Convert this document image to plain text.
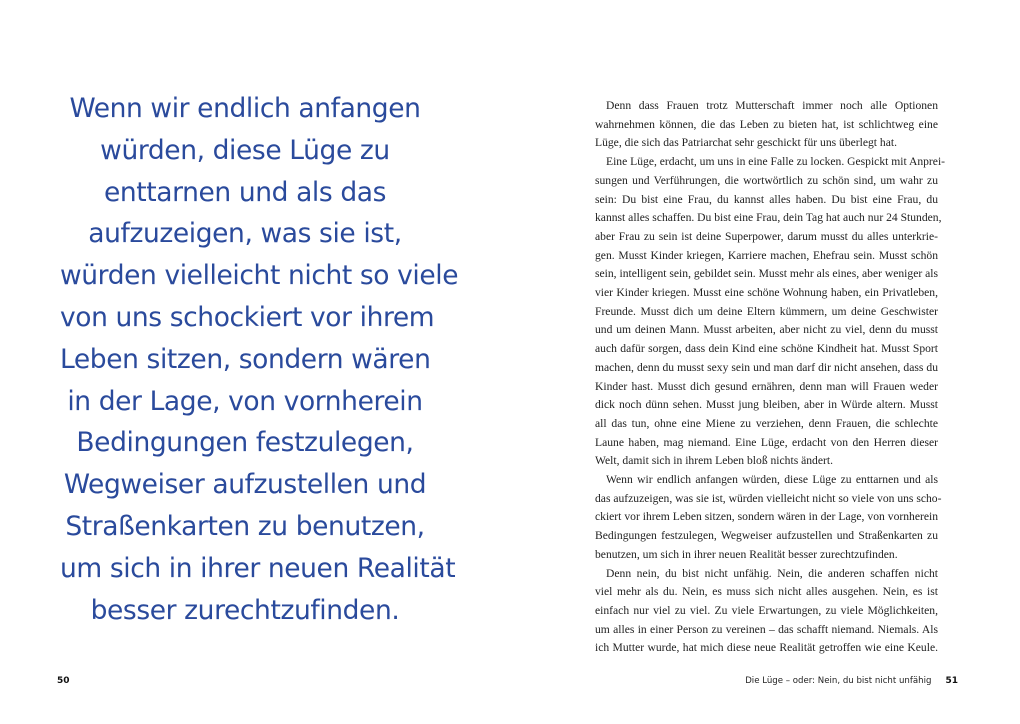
Wenn wir endlich anfangen
würden, diese Lüge zu
enttarnen und als das
aufzuzeigen, was sie ist,
würden vielleicht nicht so viele
von uns schockiert vor ihrem
Leben sitzen, sondern wären
in der Lage, von vornherein
Bedingungen festzulegen,
Wegweiser aufzustellen und
Straßenkarten zu benutzen,
um sich in ihrer neuen Realität
besser zurechtzufinden.
50
Denn dass Frauen trotz Mutterschaft immer noch alle Optionen
wahrnehmen können, die das Leben zu bieten hat, ist schlichtweg eine
Lüge, die sich das Patriarchat sehr geschickt für uns überlegt hat.
Eine Lüge, erdacht, um uns in eine Falle zu locken. Gespickt mit Anprei-
sungen und Verführungen, die wortwörtlich zu schön sind, um wahr zu
sein: Du bist eine Frau, du kannst alles haben. Du bist eine Frau, du
kannst alles schaffen. Du bist eine Frau, dein Tag hat auch nur 24 Stunden,
aber Frau zu sein ist deine Superpower, darum musst du alles unterkrie-
gen. Musst Kinder kriegen, Karriere machen, Ehefrau sein. Musst schön
sein, intelligent sein, gebildet sein. Musst mehr als eines, aber weniger als
vier Kinder kriegen. Musst eine schöne Wohnung haben, ein Privatleben,
Freunde. Musst dich um deine Eltern kümmern, um deine Geschwister
und um deinen Mann. Musst arbeiten, aber nicht zu viel, denn du musst
auch dafür sorgen, dass dein Kind eine schöne Kindheit hat. Musst Sport
machen, denn du musst sexy sein und man darf dir nicht ansehen, dass du
Kinder hast. Musst dich gesund ernähren, denn man will Frauen weder
dick noch dünn sehen. Musst jung bleiben, aber in Würde altern. Musst
all das tun, ohne eine Miene zu verziehen, denn Frauen, die schlechte
Laune haben, mag niemand. Eine Lüge, erdacht von den Herren dieser
Welt, damit sich in ihrem Leben bloß nichts ändert.
Wenn wir endlich anfangen würden, diese Lüge zu enttarnen und als
das aufzuzeigen, was sie ist, würden vielleicht nicht so viele von uns scho-
ckiert vor ihrem Leben sitzen, sondern wären in der Lage, von vornherein
Bedingungen festzulegen, Wegweiser aufzustellen und Straßenkarten zu
benutzen, um sich in ihrer neuen Realität besser zurechtzufinden.
Denn nein, du bist nicht unfähig. Nein, die anderen schaffen nicht
viel mehr als du. Nein, es muss sich nicht alles ausgehen. Nein, es ist
einfach nur viel zu viel. Zu viele Erwartungen, zu viele Möglichkeiten,
um alles in einer Person zu vereinen – das schafft niemand. Niemals. Als
ich Mutter wurde, hat mich diese neue Realität getroffen wie eine Keule.
Die Lüge – oder: Nein, du bist nicht unfähig 51
